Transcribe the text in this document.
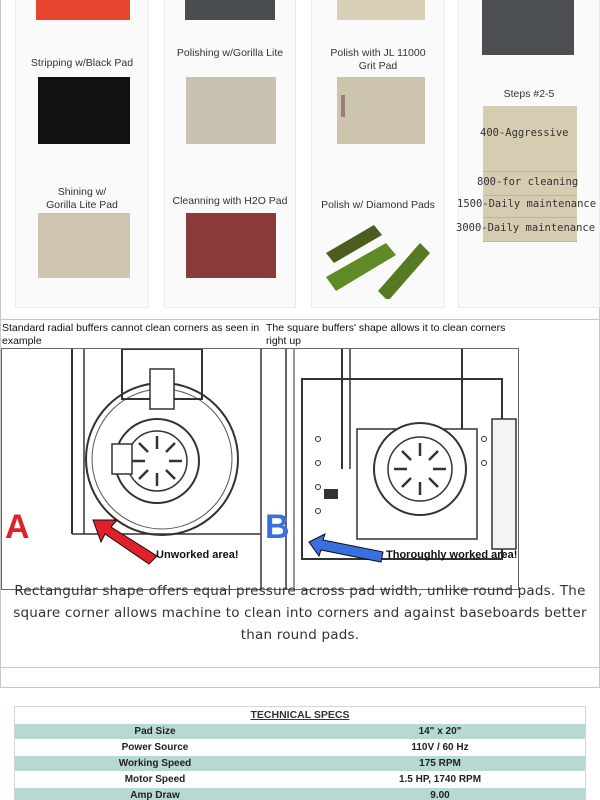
Stripping w/Black Pad
Shining w/
Gorilla Lite Pad
Polishing w/Gorilla Lite
Cleanning with H2O Pad
Polish with JL 11000
Grit Pad
Polish w/ Diamond Pads
Steps #2-5
400-Aggressive
800-for cleaning
1500-Daily maintenance
3000-Daily maintenance
Standard radial buffers cannot clean corners as seen in example

The square buffers' shape allows it to clean corners right up

A
Unworked area!
B
Thoroughly worked area!
Rectangular shape offers equal pressure across pad width, unlike round pads. The square corner allows machine to clean into corners and against baseboards better than round pads.
TECHNICAL SPECS
Pad Size	14" x 20"
Power Source	110V / 60 Hz
Working Speed	175 RPM
Motor Speed	1.5 HP, 1740 RPM
Amp Draw	9.00
